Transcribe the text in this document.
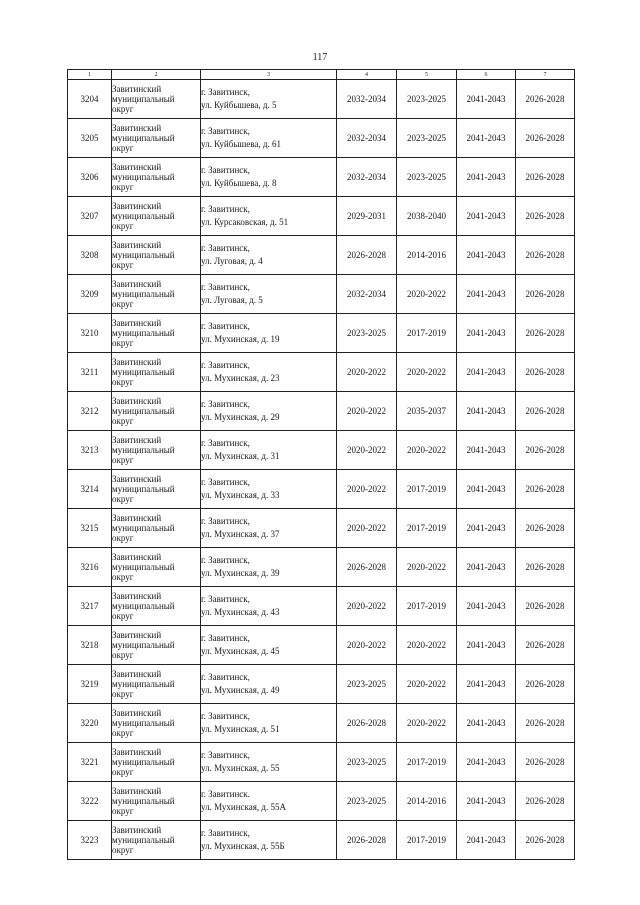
117
1	2	3	4	5	6	7
3204	Завитинский
муниципальный
округ	г. Завитинск,
ул. Куйбышева, д. 5	2032-2034	2023-2025	2041-2043	2026-2028
3205	Завитинский
муниципальный
округ	г. Завитинск,
ул. Куйбышева, д. 61	2032-2034	2023-2025	2041-2043	2026-2028
3206	Завитинский
муниципальный
округ	г. Завитинск,
ул. Куйбышева, д. 8	2032-2034	2023-2025	2041-2043	2026-2028
3207	Завитинский
муниципальный
округ	г. Завитинск,
ул. Курсаковская, д. 51	2029-2031	2038-2040	2041-2043	2026-2028
3208	Завитинский
муниципальный
округ	г. Завитинск,
ул. Луговая, д. 4	2026-2028	2014-2016	2041-2043	2026-2028
3209	Завитинский
муниципальный
округ	г. Завитинск,
ул. Луговая, д. 5	2032-2034	2020-2022	2041-2043	2026-2028
3210	Завитинский
муниципальный
округ	г. Завитинск,
ул. Мухинская, д. 19	2023-2025	2017-2019	2041-2043	2026-2028
3211	Завитинский
муниципальный
округ	г. Завитинск,
ул. Мухинская, д. 23	2020-2022	2020-2022	2041-2043	2026-2028
3212	Завитинский
муниципальный
округ	г. Завитинск,
ул. Мухинская, д. 29	2020-2022	2035-2037	2041-2043	2026-2028
3213	Завитинский
муниципальный
округ	г. Завитинск,
ул. Мухинская, д. 31	2020-2022	2020-2022	2041-2043	2026-2028
3214	Завитинский
муниципальный
округ	г. Завитинск,
ул. Мухинская, д. 33	2020-2022	2017-2019	2041-2043	2026-2028
3215	Завитинский
муниципальный
округ	г. Завитинск,
ул. Мухинская, д. 37	2020-2022	2017-2019	2041-2043	2026-2028
3216	Завитинский
муниципальный
округ	г. Завитинск,
ул. Мухинская, д. 39	2026-2028	2020-2022	2041-2043	2026-2028
3217	Завитинский
муниципальный
округ	г. Завитинск,
ул. Мухинская, д. 43	2020-2022	2017-2019	2041-2043	2026-2028
3218	Завитинский
муниципальный
округ	г. Завитинск,
ул. Мухинская, д. 45	2020-2022	2020-2022	2041-2043	2026-2028
3219	Завитинский
муниципальный
округ	г. Завитинск,
ул. Мухинская, д. 49	2023-2025	2020-2022	2041-2043	2026-2028
3220	Завитинский
муниципальный
округ	г. Завитинск,
ул. Мухинская, д. 51	2026-2028	2020-2022	2041-2043	2026-2028
3221	Завитинский
муниципальный
округ	г. Завитинск,
ул. Мухинская, д. 55	2023-2025	2017-2019	2041-2043	2026-2028
3222	Завитинский
муниципальный
округ	г. Завитинск.
ул. Мухинская, д. 55А	2023-2025	2014-2016	2041-2043	2026-2028
3223	Завитинский
муниципальный
округ	г. Завитинск,
ул. Мухинская, д. 55Б	2026-2028	2017-2019	2041-2043	2026-2028
